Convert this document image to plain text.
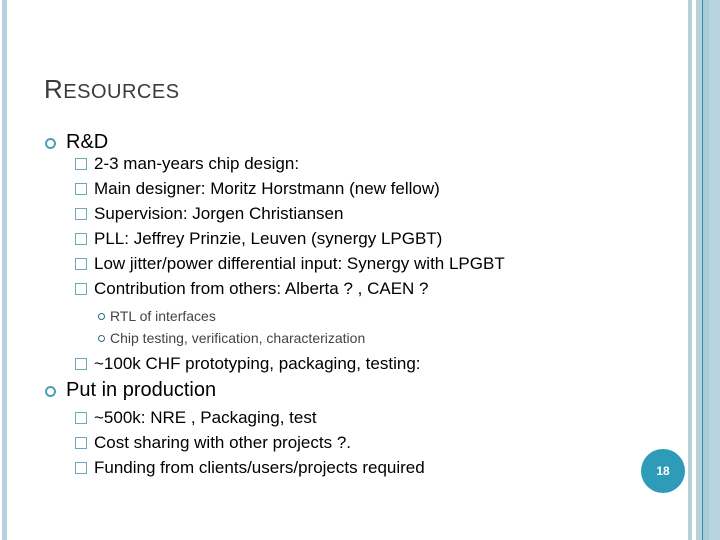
RESOURCES
R&D
2-3 man-years chip design:
Main designer: Moritz Horstmann (new fellow)
Supervision: Jorgen Christiansen
PLL: Jeffrey Prinzie, Leuven (synergy LPGBT)
Low jitter/power differential input: Synergy with LPGBT
Contribution from others: Alberta ? , CAEN ?
RTL of interfaces
Chip testing, verification, characterization
~100k CHF prototyping, packaging, testing:
Put in production
~500k: NRE , Packaging, test
Cost sharing with other projects ?.
Funding from clients/users/projects required	18
